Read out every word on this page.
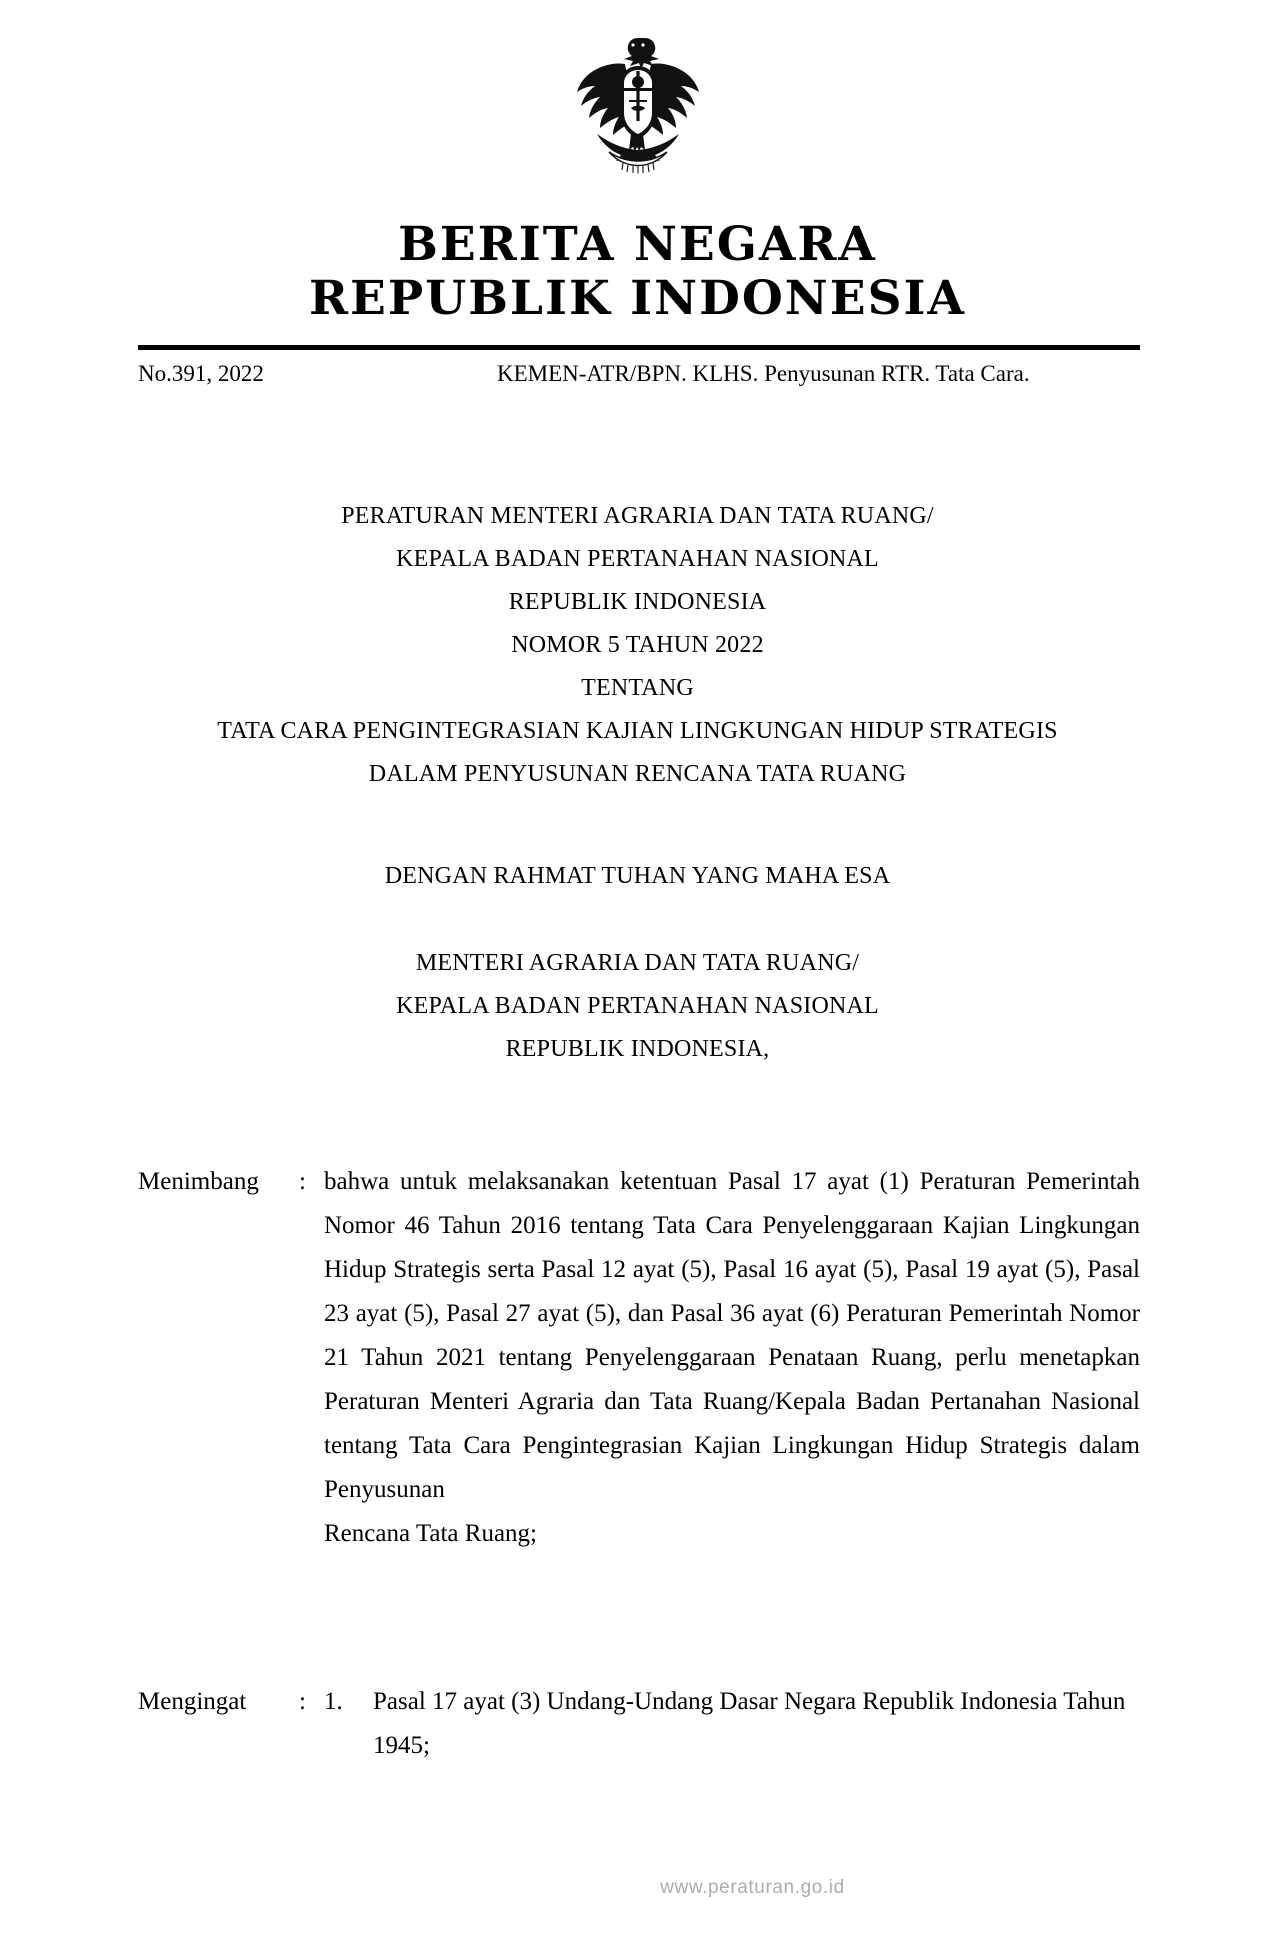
BERITA NEGARA
REPUBLIK INDONESIA
No.391, 2022	KEMEN-ATR/BPN. KLHS. Penyusunan RTR. Tata Cara.
PERATURAN MENTERI AGRARIA DAN TATA RUANG/
KEPALA BADAN PERTANAHAN NASIONAL
REPUBLIK INDONESIA
NOMOR 5 TAHUN 2022
TENTANG
TATA CARA PENGINTEGRASIAN KAJIAN LINGKUNGAN HIDUP STRATEGIS
DALAM PENYUSUNAN RENCANA TATA RUANG
DENGAN RAHMAT TUHAN YANG MAHA ESA
MENTERI AGRARIA DAN TATA RUANG/
KEPALA BADAN PERTANAHAN NASIONAL
REPUBLIK INDONESIA,
Menimbang : bahwa untuk melaksanakan ketentuan Pasal 17 ayat (1) Peraturan Pemerintah Nomor 46 Tahun 2016 tentang Tata Cara Penyelenggaraan Kajian Lingkungan Hidup Strategis serta Pasal 12 ayat (5), Pasal 16 ayat (5), Pasal 19 ayat (5), Pasal 23 ayat (5), Pasal 27 ayat (5), dan Pasal 36 ayat (6) Peraturan Pemerintah Nomor 21 Tahun 2021 tentang Penyelenggaraan Penataan Ruang, perlu menetapkan Peraturan Menteri Agraria dan Tata Ruang/Kepala Badan Pertanahan Nasional tentang Tata Cara Pengintegrasian Kajian Lingkungan Hidup Strategis dalam Penyusunan
Rencana Tata Ruang;
Mengingat : 1. Pasal 17 ayat (3) Undang-Undang Dasar Negara Republik Indonesia Tahun 1945;
www.peraturan.go.id
